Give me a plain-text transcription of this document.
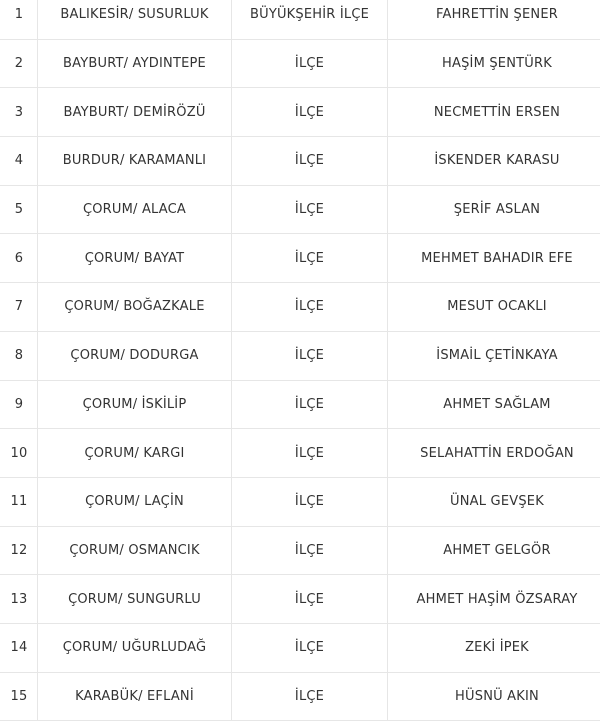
1	BALIKESİR/ SUSURLUK	BÜYÜKŞEHİR İLÇE	FAHRETTİN ŞENER
2	BAYBURT/ AYDINTEPE	İLÇE	HAŞİM ŞENTÜRK
3	BAYBURT/ DEMİRÖZÜ	İLÇE	NECMETTİN ERSEN
4	BURDUR/ KARAMANLI	İLÇE	İSKENDER KARASU
5	ÇORUM/ ALACA	İLÇE	ŞERİF ASLAN
6	ÇORUM/ BAYAT	İLÇE	MEHMET BAHADIR EFE
7	ÇORUM/ BOĞAZKALE	İLÇE	MESUT OCAKLI
8	ÇORUM/ DODURGA	İLÇE	İSMAİL ÇETİNKAYA
9	ÇORUM/ İSKİLİP	İLÇE	AHMET SAĞLAM
10	ÇORUM/ KARGI	İLÇE	SELAHATTİN ERDOĞAN
11	ÇORUM/ LAÇİN	İLÇE	ÜNAL GEVŞEK
12	ÇORUM/ OSMANCIK	İLÇE	AHMET GELGÖR
13	ÇORUM/ SUNGURLU	İLÇE	AHMET HAŞİM ÖZSARAY
14	ÇORUM/ UĞURLUDAĞ	İLÇE	ZEKİ İPEK
15	KARABÜK/ EFLANİ	İLÇE	HÜSNÜ AKIN
